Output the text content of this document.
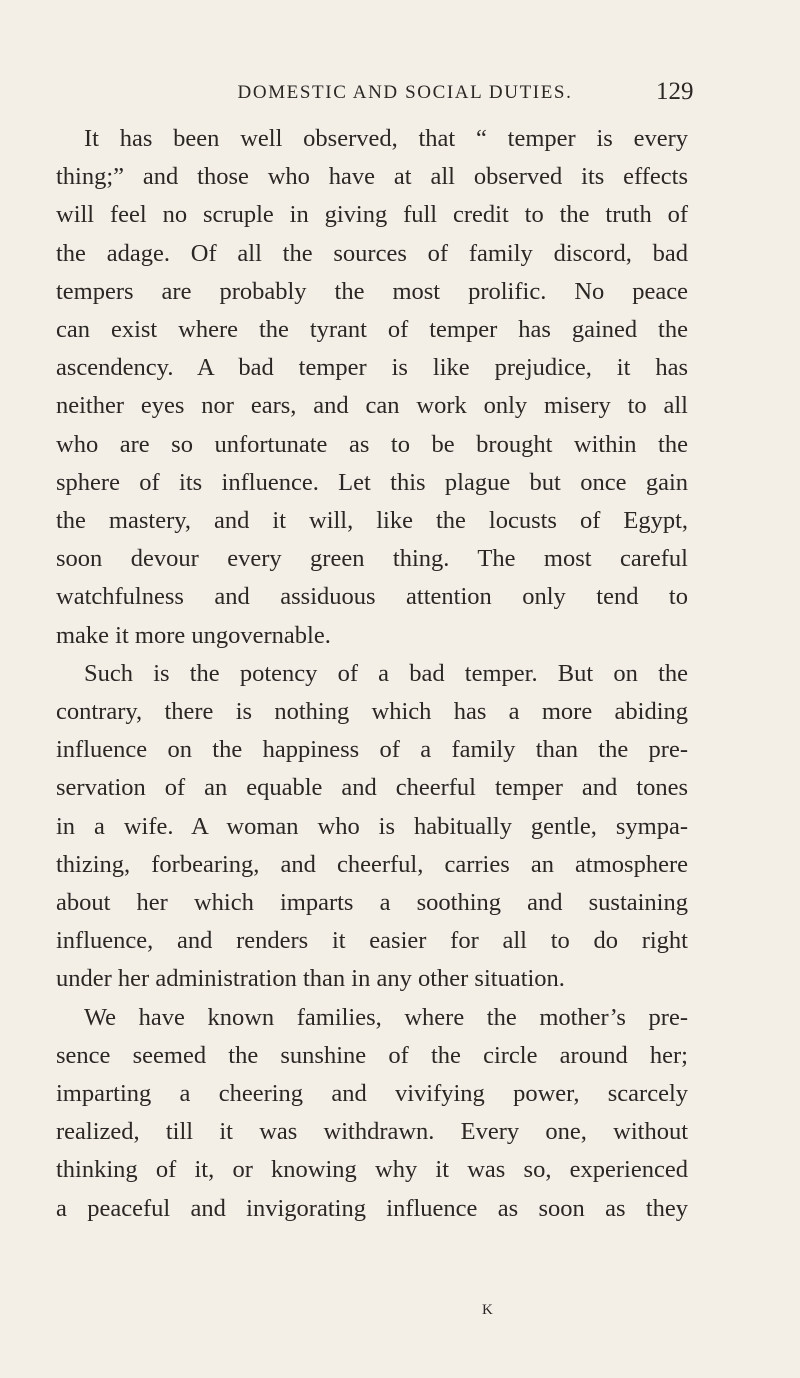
DOMESTIC AND SOCIAL DUTIES.	129
It has been well observed, that “ temper is every
thing;” and those who have at all observed its effects
will feel no scruple in giving full credit to the truth of
the adage. Of all the sources of family discord, bad
tempers are probably the most prolific. No peace
can exist where the tyrant of temper has gained the
ascendency. A bad temper is like prejudice, it has
neither eyes nor ears, and can work only misery to all
who are so unfortunate as to be brought within the
sphere of its influence. Let this plague but once gain
the mastery, and it will, like the locusts of Egypt,
soon devour every green thing. The most careful
watchfulness and assiduous attention only tend to
make it more ungovernable.
Such is the potency of a bad temper. But on the
contrary, there is nothing which has a more abiding
influence on the happiness of a family than the pre-
servation of an equable and cheerful temper and tones
in a wife. A woman who is habitually gentle, sympa-
thizing, forbearing, and cheerful, carries an atmosphere
about her which imparts a soothing and sustaining
influence, and renders it easier for all to do right
under her administration than in any other situation.
We have known families, where the mother’s pre-
sence seemed the sunshine of the circle around her;
imparting a cheering and vivifying power, scarcely
realized, till it was withdrawn. Every one, without
thinking of it, or knowing why it was so, experienced
a peaceful and invigorating influence as soon as they
K
